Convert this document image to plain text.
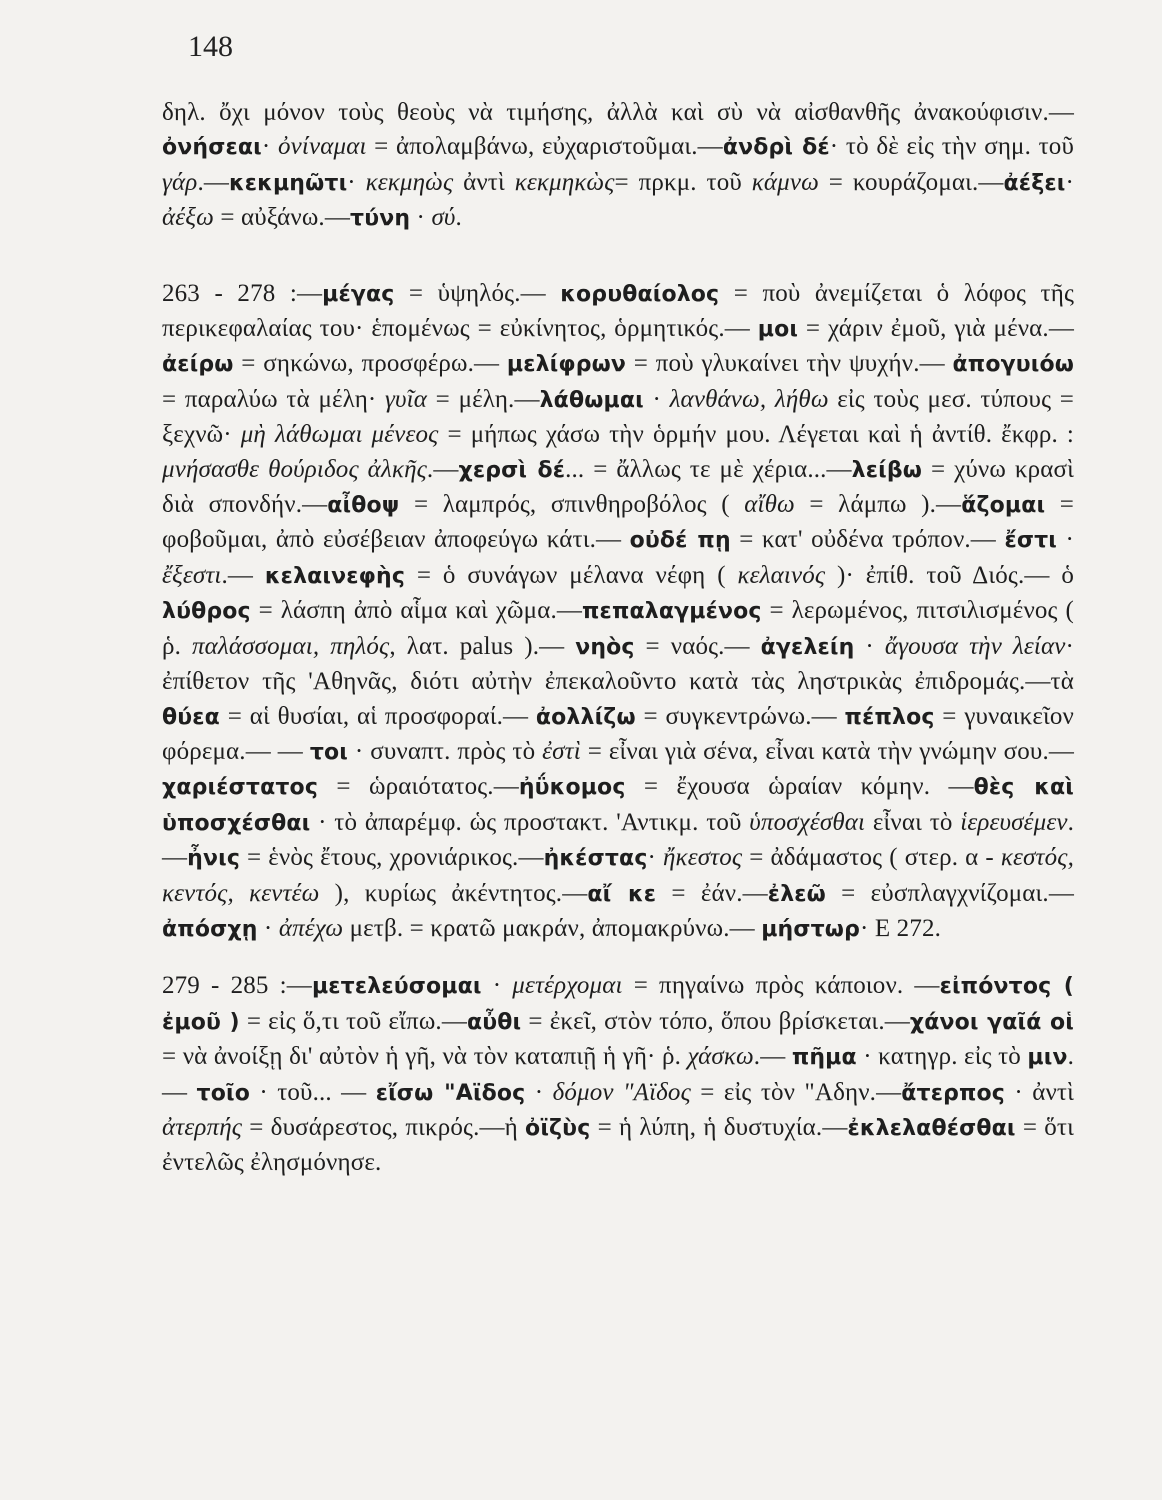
148

δηλ. ὄχι μόνον τοὺς θεοὺς νὰ τιμήσης, ἀλλὰ καὶ σὺ νὰ αἰσθανθῆς ἀνακούφισιν.—ὀνήσεαι· ὀνίναμαι = ἀπολαμβάνω, εὐχαριστοῦμαι.—ἀνδρὶ δέ· τὸ δὲ εἰς τὴν σημ. τοῦ γάρ.—κεκμηῶτι· κεκμηὼς ἀντὶ κεκμηκὼς= πρκμ. τοῦ κάμνω = κουράζομαι.—ἀέξει· ἀέξω = αὐξάνω.—τύνη · σύ.

263 - 278 :—μέγας = ὑψηλός.— κορυθαίολος = ποὺ ἀνεμίζεται ὁ λόφος τῆς περικεφαλαίας του· ἑπομένως = εὐκίνητος, ὁρμητικός.— μοι = χάριν ἐμοῦ, γιὰ μένα.—ἀείρω = σηκώνω, προσφέρω.— μελίφρων = ποὺ γλυκαίνει τὴν ψυχήν.— ἀπογυιόω = παραλύω τὰ μέλη· γυῖα = μέλη.—λάθωμαι · λανθάνω, λήθω εἰς τοὺς μεσ. τύπους = ξεχνῶ· μὴ λάθωμαι μένεος = μήπως χάσω τὴν ὁρμήν μου. Λέγεται καὶ ἡ ἀντίθ. ἔκφρ. : μνήσασθε θούριδος ἀλκῆς.—χερσὶ δέ... = ἄλλως τε μὲ χέρια...—λείβω = χύνω κρασὶ διὰ σπονδήν.—αἶθοψ = λαμπρός, σπινθηροβόλος ( αἴθω = λάμπω ).—ἅζομαι = φοβοῦμαι, ἀπὸ εὐσέβειαν ἀποφεύγω κάτι.— οὐδέ πῃ = κατ' οὐδένα τρόπον.— ἔστι · ἔξεστι.— κελαινεφὴς = ὁ συνάγων μέλανα νέφη ( κελαινός )· ἐπίθ. τοῦ Διός.— ὁ λύθρος = λάσπη ἀπὸ αἷμα καὶ χῶμα.—πεπαλαγμένος = λερωμένος, πιτσιλισμένος ( ῥ. παλάσσομαι, πηλός, λατ. palus ).— νηὸς = ναός.— ἀγελείη · ἄγουσα τὴν λείαν· ἐπίθετον τῆς 'Αθηνᾶς, διότι αὐτὴν ἐπεκαλοῦντο κατὰ τὰς ληστρικὰς ἐπιδρομάς.—τὰ θύεα = αἱ θυσίαι, αἱ προσφοραί.— ἀολλίζω = συγκεντρώνω.— πέπλος = γυναικεῖον φόρεμα.— — τοι · συναπτ. πρὸς τὸ ἐστὶ = εἶναι γιὰ σένα, εἶναι κατὰ τὴν γνώμην σου.—χαριέστατος = ὡραιότατος.—ἠΰκομος = ἔχουσα ὡραίαν κόμην. —θὲς καὶ ὑποσχέσθαι · τὸ ἀπαρέμφ. ὡς προστακτ. 'Αντικμ. τοῦ ὑποσχέσθαι εἶναι τὸ ἱερευσέμεν.—ἦνις = ἑνὸς ἔτους, χρονιάρικος.—ἠκέστας· ἤκεστος = ἀδάμαστος ( στερ. α - κεστός, κεντός, κεντέω ), κυρίως ἀκέντητος.—αἴ κε = ἐάν.—ἐλεῶ = εὐσπλαγχνίζομαι.— ἀπόσχῃ · ἀπέχω μετβ. = κρατῶ μακράν, ἀπομακρύνω.— μήστωρ· Ε 272.

279 - 285 :—μετελεύσομαι · μετέρχομαι = πηγαίνω πρὸς κάποιον. —εἰπόντος ( ἐμοῦ ) = εἰς ὅ,τι τοῦ εἴπω.—αὖθι = ἐκεῖ, στὸν τόπο, ὅπου βρίσκεται.—χάνοι γαῖά οἱ = νὰ ἀνοίξῃ δι' αὐτὸν ἡ γῆ, νὰ τὸν καταπιῇ ἡ γῆ· ῥ. χάσκω.— πῆμα · κατηγρ. εἰς τὸ μιν.— τοῖο · τοῦ... — εἴσω "Αϊδος · δόμον "Αϊδος = εἰς τὸν "Αδην.—ἄτερπος · ἀντὶ ἀτερπής = δυσάρεστος, πικρός.—ἡ ὀϊζὺς = ἡ λύπη, ἡ δυστυχία.—ἐκλελαθέσθαι = ὅτι ἐντελῶς ἐλησμόνησε.
